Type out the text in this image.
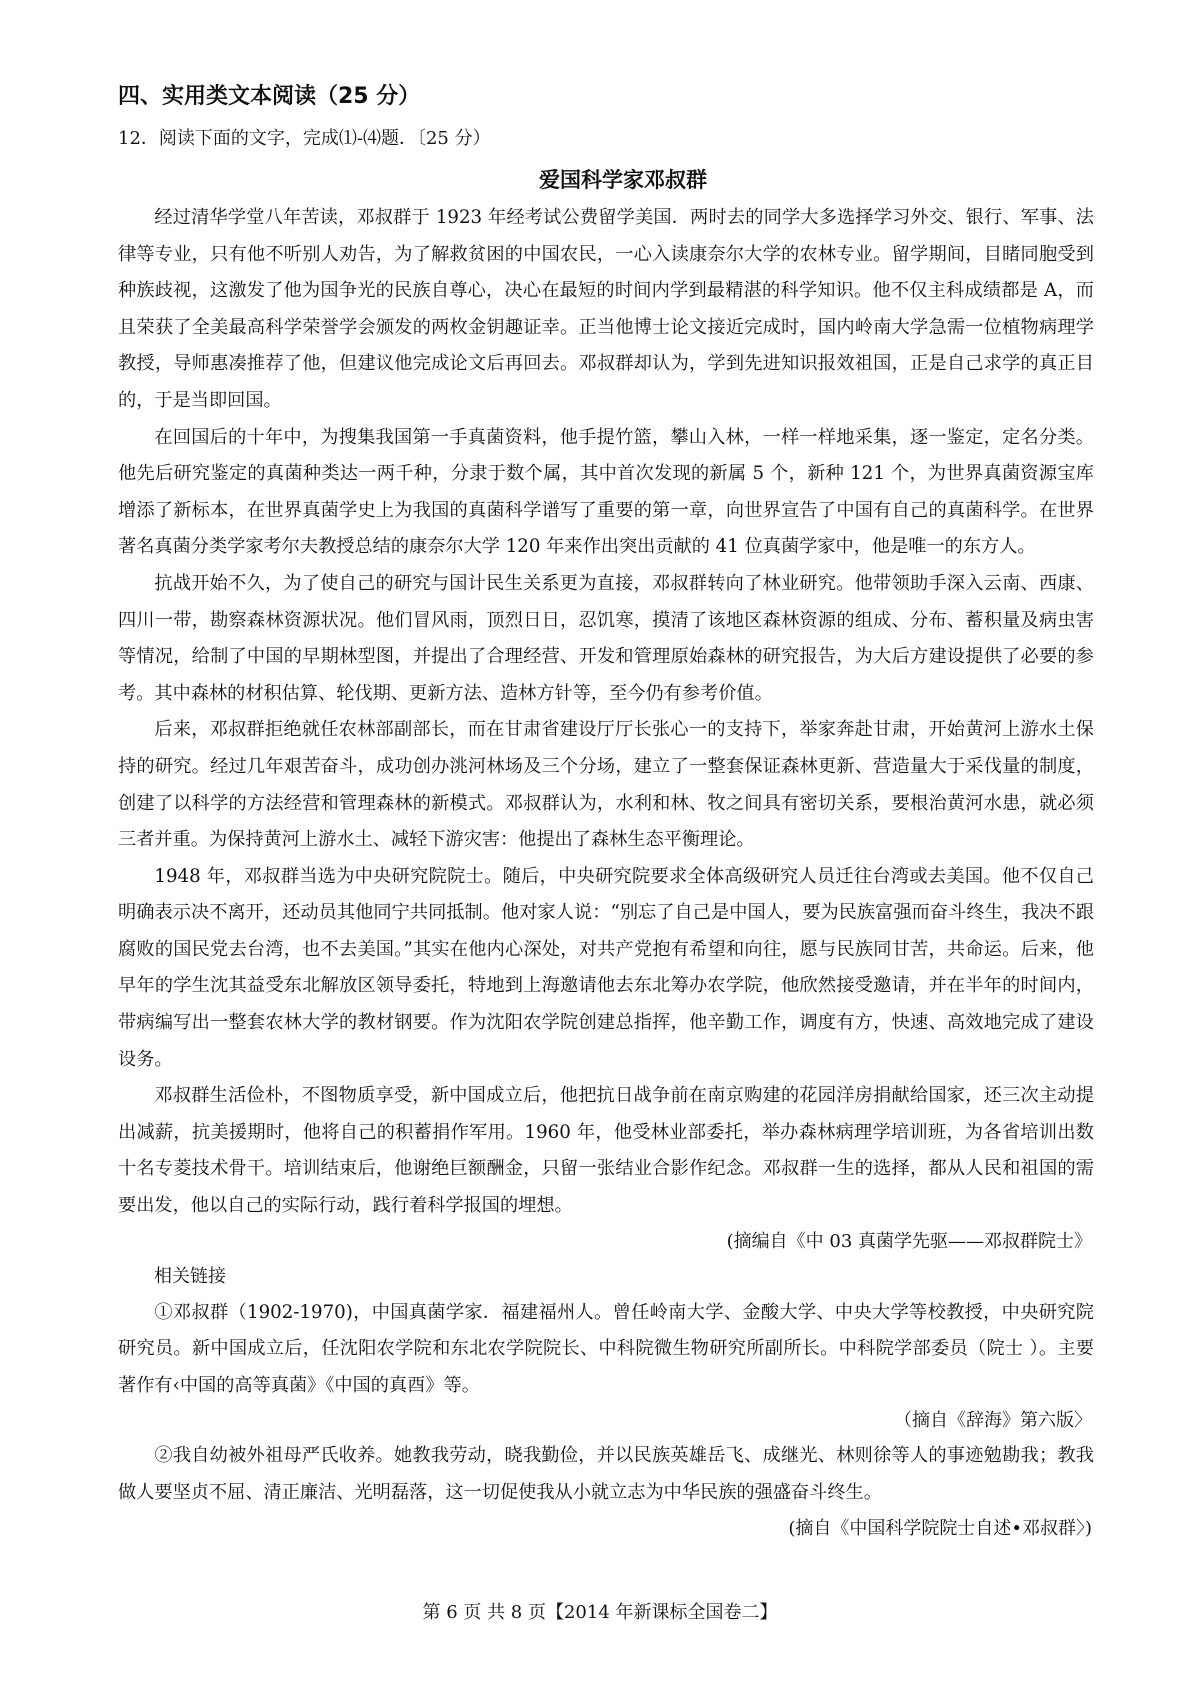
四、实用类文本阅读（25 分）
12．阅读下面的文字，完成⑴-⑷题．〔25 分）
爱国科学家邓叔群

经过清华学堂八年苦读，邓叔群于 1923 年经考试公费留学美国．两时去的同学大多选择学习外交、银行、军事、法律等专业，只有他不听别人劝告，为了解救贫困的中国农民，一心入读康奈尔大学的农林专业。留学期间，目睹同胞受到种族歧视，这激发了他为国争光的民族自尊心，决心在最短的时间内学到最精湛的科学知识。他不仅主科成绩都是 A，而且荣获了全美最高科学荣誉学会颁发的两枚金钥趣证幸。正当他博士论文接近完成时，国内岭南大学急需一位植物病理学教授，导师惠凑推荐了他，但建议他完成论文后再回去。邓叔群却认为，学到先进知识报效祖国，正是自己求学的真正目的，于是当即回国。

在回国后的十年中，为搜集我国第一手真菌资料，他手提竹篮，攀山入林，一样一样地采集，逐一鉴定，定名分类。他先后研究鉴定的真菌种类达一两千种，分隶于数个属，其中首次发现的新属 5 个，新种 121 个，为世界真菌资源宝库增添了新标本，在世界真菌学史上为我国的真菌科学谱写了重要的第一章，向世界宣告了中国有自己的真菌科学。在世界著名真菌分类学家考尔夫教授总结的康奈尔大学 120 年来作出突出贡献的 41 位真菌学家中，他是唯一的东方人。

抗战开始不久，为了使自己的研究与国计民生关系更为直接，邓叔群转向了林业研究。他带领助手深入云南、西康、四川一带，勘察森林资源状况。他们冒风雨，顶烈日日，忍饥寒，摸清了该地区森林资源的组成、分布、蓄积量及病虫害等情况，给制了中国的早期林型图，并提出了合理经营、开发和管理原始森林的研究报告，为大后方建设提供了必要的参考。其中森林的材积估算、轮伐期、更新方法、造林方针等，至今仍有参考价值。

后来，邓叔群拒绝就任农林部副部长，而在甘肃省建设厅厅长张心一的支持下，举家奔赴甘肃，开始黄河上游水土保持的研究。经过几年艰苦奋斗，成功创办洮河林场及三个分场，建立了一整套保证森林更新、营造量大于采伐量的制度，创建了以科学的方法经营和管理森林的新模式。邓叔群认为，水利和林、牧之间具有密切关系，要根治黄河水患，就必须三者并重。为保持黄河上游水土、减轻下游灾害：他提出了森林生态平衡理论。

1948 年，邓叔群当选为中央研究院院士。随后，中央研究院要求全体高级研究人员迁往台湾或去美国。他不仅自己明确表示决不离开，还动员其他同宁共同抵制。他对家人说：“别忘了自己是中国人，要为民族富强而奋斗终生，我决不跟腐败的国民党去台湾，也不去美国。”其实在他内心深处，对共产党抱有希望和向往，愿与民族同甘苦，共命运。后来，他早年的学生沈其益受东北解放区领导委托，特地到上海邀请他去东北筹办农学院，他欣然接受邀请，并在半年的时间内，带病编写出一整套农林大学的教材钢要。作为沈阳农学院创建总指挥，他辛勤工作，调度有方，快速、高效地完成了建设设务。

邓叔群生活俭朴，不图物质享受，新中国成立后，他把抗日战争前在南京购建的花园洋房捐献给国家，还三次主动提出减薪，抗美援期时，他将自己的积蓄捐作军用。1960 年，他受林业部委托，举办森林病理学培训班，为各省培训出数十名专菱技术骨干。培训结束后，他谢绝巨额酬金，只留一张结业合影作纪念。邓叔群一生的选择，都从人民和祖国的需要出发，他以自己的实际行动，践行着科学报国的埋想。

(摘编自《中 03 真菌学先驱——邓叔群院士》

相关链接

①邓叔群（1902-1970)，中国真菌学家．福建福州人。曾任岭南大学、金酸大学、中央大学等校教授，中央研究院研究员。新中国成立后，任沈阳农学院和东北农学院院长、中科院微生物研究所副所长。中科院学部委员（院士 ）。主要著作有‹中国的高等真菌》《中国的真酉》等。

（摘自《辞海》第六版〉

②我自幼被外祖母严氏收养。她教我劳动，晓我勤俭，并以民族英雄岳飞、成继光、林则徐等人的事迹勉勘我；教我做人要坚贞不屈、清正廉洁、光明磊落，这一切促使我从小就立志为中华民族的强盛奋斗终生。

(摘自《中国科学院院士自述•邓叔群〉)

第 6 页 共 8 页【2014 年新课标全国卷二】
